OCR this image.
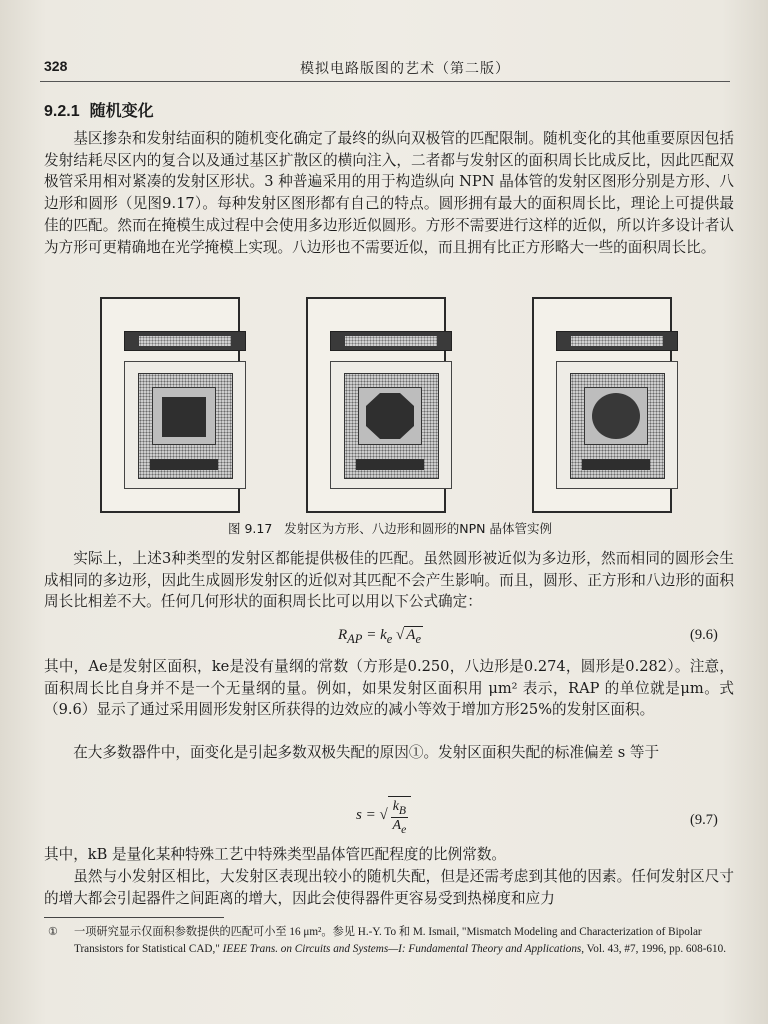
328	模拟电路版图的艺术（第二版）
9.2.1 随机变化

基区掺杂和发射结面积的随机变化确定了最终的纵向双极管的匹配限制。随机变化的其他重要原因包括发射结耗尽区内的复合以及通过基区扩散区的横向注入，二者都与发射区的面积周长比成反比，因此匹配双极管采用相对紧凑的发射区形状。3 种普遍采用的用于构造纵向 NPN 晶体管的发射区图形分别是方形、八边形和圆形（见图9.17）。每种发射区图形都有自己的特点。圆形拥有最大的面积周长比，理论上可提供最佳的匹配。然而在掩模生成过程中会使用多边形近似圆形。方形不需要进行这样的近似，所以许多设计者认为方形可更精确地在光学掩模上实现。八边形也不需要近似，而且拥有比正方形略大一些的面积周长比。

图 9.17 发射区为方形、八边形和圆形的NPN 晶体管实例

实际上，上述3种类型的发射区都能提供极佳的匹配。虽然圆形被近似为多边形，然而相同的圆形会生成相同的多边形，因此生成圆形发射区的近似对其匹配不会产生影响。而且，圆形、正方形和八边形的面积周长比相差不大。任何几何形状的面积周长比可以用以下公式确定：

$R_{AP} = k_e$ √ $A_e$	(9.6)

其中，Ae是发射区面积，ke是没有量纲的常数（方形是0.250，八边形是0.274，圆形是0.282）。注意，面积周长比自身并不是一个无量纲的量。例如，如果发射区面积用 μm² 表示，RAP 的单位就是μm。式（9.6）显示了通过采用圆形发射区所获得的边效应的减小等效于增加方形25%的发射区面积。

在大多数器件中，面变化是引起多数双极失配的原因①。发射区面积失配的标准偏差 s 等于

s = √ $\frac{k_B}{A_e}$	(9.7)

其中，kB 是量化某种特殊工艺中特殊类型晶体管匹配程度的比例常数。

虽然与小发射区相比，大发射区表现出较小的随机失配，但是还需考虑到其他的因素。任何发射区尺寸的增大都会引起器件之间距离的增大，因此会使得器件更容易受到热梯度和应力

① 一项研究显示仅面积参数提供的匹配可小至 16 μm²。参见 H.-Y. To 和 M. Ismail, "Mismatch Modeling and Characterization of Bipolar Transistors for Statistical CAD," IEEE Trans. on Circuits and Systems—I: Fundamental Theory and Applications, Vol. 43, #7, 1996, pp. 608-610.
